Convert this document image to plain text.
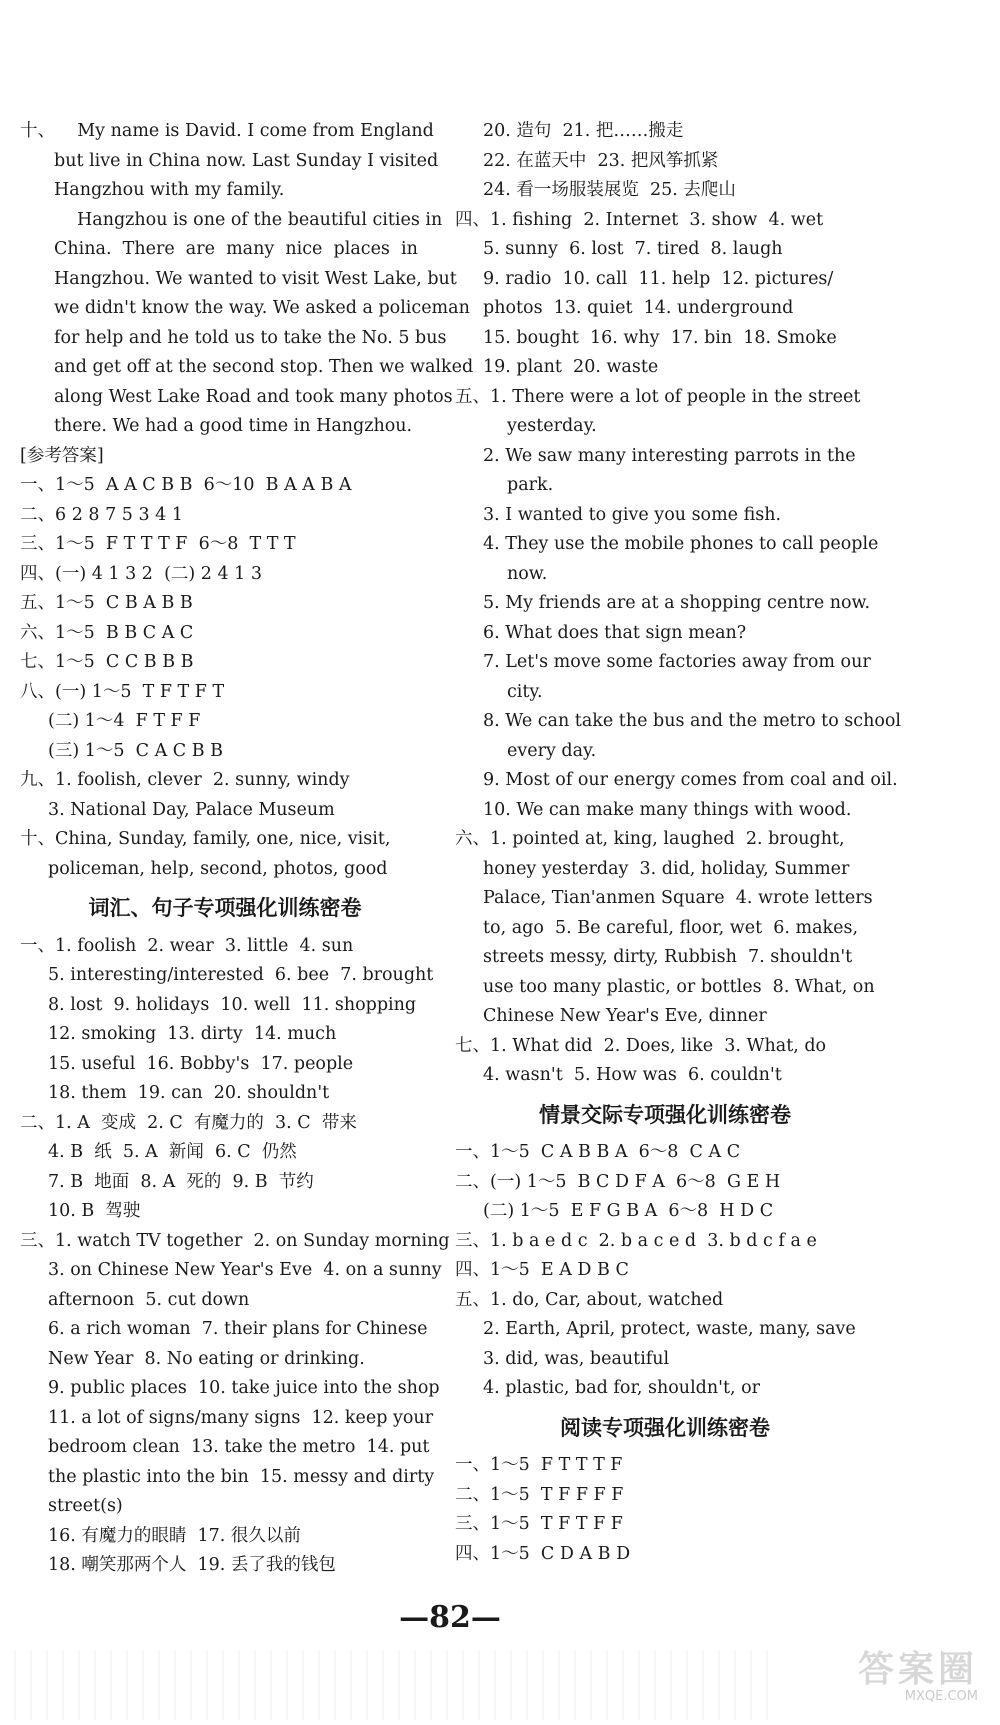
十、    My name is David. I come from England
but live in China now. Last Sunday I visited
Hangzhou with my family.
Hangzhou is one of the beautiful cities in
China.  There  are  many  nice  places  in
Hangzhou. We wanted to visit West Lake, but
we didn't know the way. We asked a policeman
for help and he told us to take the No. 5 bus
and get off at the second stop. Then we walked
along West Lake Road and took many photos
there. We had a good time in Hangzhou.
[参考答案]
一、1～5  A A C B B  6～10  B A A B A
二、6 2 8 7 5 3 4 1
三、1～5  F T T T F  6～8  T T T
四、(一) 4 1 3 2  (二) 2 4 1 3
五、1～5  C B A B B
六、1～5  B B C A C
七、1～5  C C B B B
八、(一) 1～5  T F T F T
(二) 1～4  F T F F
(三) 1～5  C A C B B
九、1. foolish, clever  2. sunny, windy
3. National Day, Palace Museum
十、China, Sunday, family, one, nice, visit,
policeman, help, second, photos, good
词汇、句子专项强化训练密卷
一、1. foolish  2. wear  3. little  4. sun
5. interesting/interested  6. bee  7. brought
8. lost  9. holidays  10. well  11. shopping
12. smoking  13. dirty  14. much
15. useful  16. Bobby's  17. people
18. them  19. can  20. shouldn't
二、1. A  变成  2. C  有魔力的  3. C  带来
4. B  纸  5. A  新闻  6. C  仍然
7. B  地面  8. A  死的  9. B  节约
10. B  驾驶
三、1. watch TV together  2. on Sunday morning
3. on Chinese New Year's Eve  4. on a sunny
afternoon  5. cut down
6. a rich woman  7. their plans for Chinese
New Year  8. No eating or drinking.
9. public places  10. take juice into the shop
11. a lot of signs/many signs  12. keep your
bedroom clean  13. take the metro  14. put
the plastic into the bin  15. messy and dirty
street(s)
16. 有魔力的眼睛  17. 很久以前
18. 嘲笑那两个人  19. 丢了我的钱包
20. 造句  21. 把……搬走
22. 在蓝天中  23. 把风筝抓紧
24. 看一场服装展览  25. 去爬山
四、1. fishing  2. Internet  3. show  4. wet
5. sunny  6. lost  7. tired  8. laugh
9. radio  10. call  11. help  12. pictures/
photos  13. quiet  14. underground
15. bought  16. why  17. bin  18. Smoke
19. plant  20. waste
五、1. There were a lot of people in the street
yesterday.
2. We saw many interesting parrots in the
park.
3. I wanted to give you some fish.
4. They use the mobile phones to call people
now.
5. My friends are at a shopping centre now.
6. What does that sign mean?
7. Let's move some factories away from our
city.
8. We can take the bus and the metro to school
every day.
9. Most of our energy comes from coal and oil.
10. We can make many things with wood.
六、1. pointed at, king, laughed  2. brought,
honey yesterday  3. did, holiday, Summer
Palace, Tian'anmen Square  4. wrote letters
to, ago  5. Be careful, floor, wet  6. makes,
streets messy, dirty, Rubbish  7. shouldn't
use too many plastic, or bottles  8. What, on
Chinese New Year's Eve, dinner
七、1. What did  2. Does, like  3. What, do
4. wasn't  5. How was  6. couldn't
情景交际专项强化训练密卷
一、1～5  C A B B A  6～8  C A C
二、(一) 1～5  B C D F A  6～8  G E H
(二) 1～5  E F G B A  6～8  H D C
三、1. b a e d c  2. b a c e d  3. b d c f a e
四、1～5  E A D B C
五、1. do, Car, about, watched
2. Earth, April, protect, waste, many, save
3. did, was, beautiful
4. plastic, bad for, shouldn't, or
阅读专项强化训练密卷
一、1～5  F T T T F
二、1～5  T F F F F
三、1～5  T F T F F
四、1～5  C D A B D
—82—
答案圈
MXQE.COM
